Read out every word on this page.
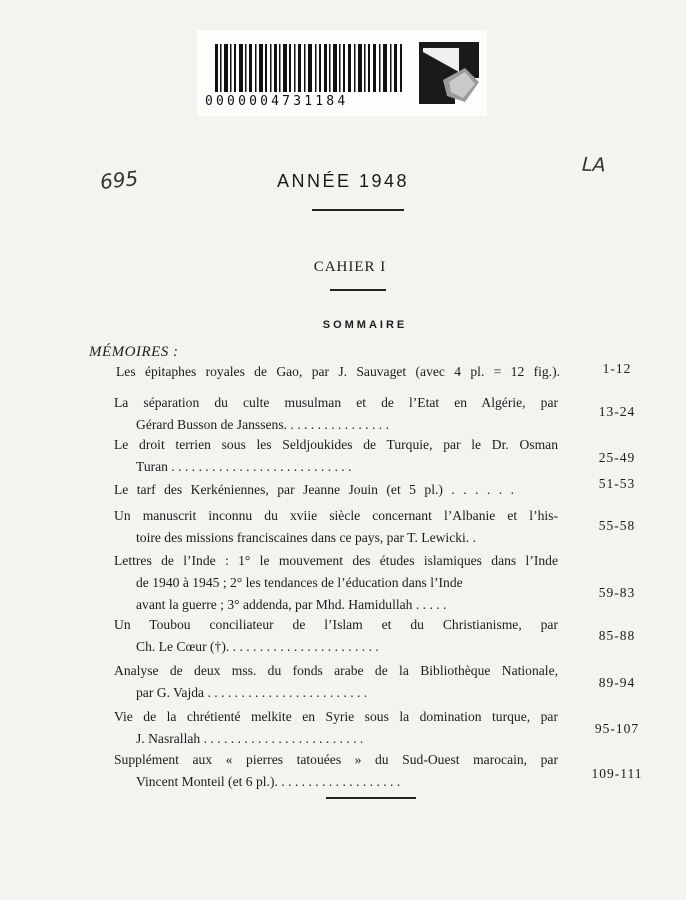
0000004731184
695
LA
ANNÉE 1948
CAHIER I
SOMMAIRE
MÉMOIRES :
Les épitaphes royales de Gao, par J. Sauvaget (avec 4 pl. = 12 fig.).	1-12
La séparation du culte musulman et de l’Etat en Algérie, par
Gérard Busson de Janssens. . . . . . . . . . . . . . . .
13-24
Le droit terrien sous les Seldjoukides de Turquie, par le Dr. Osman
Turan . . . . . . . . . . . . . . . . . . . . . . . . . . .
25-49
Le tarf des Kerkéniennes, par Jeanne Jouin (et 5 pl.) . . . . . .	51-53
Un manuscrit inconnu du xviie siècle concernant l’Albanie et l’his-
toire des missions franciscaines dans ce pays, par T. Lewicki. .
55-58
Lettres de l’Inde : 1° le mouvement des études islamiques dans l’Inde
de 1940 à 1945 ; 2° les tendances de l’éducation dans l’Inde
avant la guerre ; 3° addenda, par Mhd. Hamidullah . . . . .
59-83
Un Toubou conciliateur de l’Islam et du Christianisme, par
Ch. Le Cœur (†). . . . . . . . . . . . . . . . . . . . . . .
85-88
Analyse de deux mss. du fonds arabe de la Bibliothèque Nationale,
par G. Vajda . . . . . . . . . . . . . . . . . . . . . . . .
89-94
Vie de la chrétienté melkite en Syrie sous la domination turque, par
J. Nasrallah . . . . . . . . . . . . . . . . . . . . . . . .
95-107
Supplément aux « pierres tatouées » du Sud-Ouest marocain, par
Vincent Monteil (et 6 pl.). . . . . . . . . . . . . . . . . . .
109-111
